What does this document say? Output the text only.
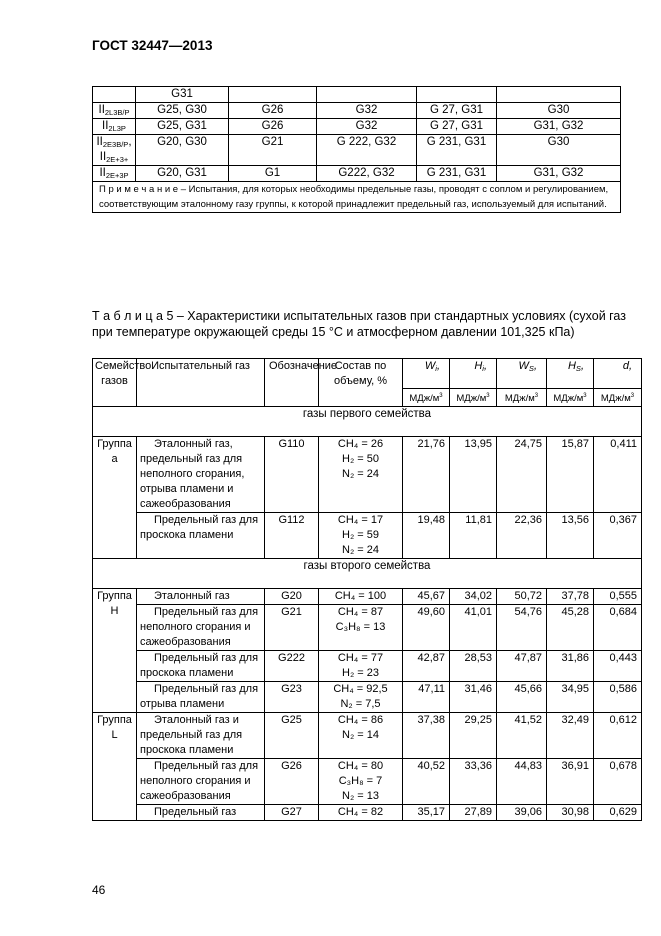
ГОСТ 32447—2013
	G31				
II2L3B/P	G25, G30	G26	G32	G 27, G31	G30
II2L3P	G25, G31	G26	G32	G 27, G31	G31, G32
II2E3B/P,
II2E+3+	G20, G30	G21	G 222, G32	G 231, G31	G30
II2E+3P	G20, G31	G1	G222, G32	G 231, G31	G31, G32
П р и м е ч а н и е – Испытания, для которых необходимы предельные газы, проводят с соплом и регулированием, соответствующим эталонному газу группы, к которой принадлежит предельный газ, используемый для испытаний.					
Т а б л и ц а 5 – Характеристики испытательных газов при стандартных условиях (сухой газ при температуре окружающей среды 15 °С и атмосферном давлении 101,325 кПа)
Семейство газов	Испытательный газ	Обозначение	Состав по объему, %	Wi,	Hi,	WS,	HS,	d,

				МДж/$м^3$	МДж/$м^3$	МДж/$м^3$	МДж/$м^3$	МДж/$м^3$
газы первого семейства								
Группа а	Эталонный газ, предельный газ для неполного сгорания, отрыва пламени и сажеобразования	G110	CH₄ = 26
H₂ = 50
N₂ = 24	21,76	13,95	24,75	15,87	0,411
	Предельный газ для проскока пламени	G112	CH₄ = 17
H₂ = 59
N₂ = 24	19,48	11,81	22,36	13,56	0,367
газы второго семейства								
Группа Н	Эталонный газ	G20	CH₄ = 100	45,67	34,02	50,72	37,78	0,555
	Предельный газ для неполного сгорания и сажеобразования	G21	CH₄ = 87
C₃H₈ = 13	49,60	41,01	54,76	45,28	0,684
	Предельный газ для проскока пламени	G222	CH₄ = 77
H₂ = 23	42,87	28,53	47,87	31,86	0,443
	Предельный газ для отрыва пламени	G23	CH₄ = 92,5
N₂ = 7,5	47,11	31,46	45,66	34,95	0,586
Группа L	Эталонный газ и предельный газ для проскока пламени	G25	CH₄ = 86
N₂ = 14	37,38	29,25	41,52	32,49	0,612
	Предельный газ для неполного сгорания и сажеобразования	G26	CH₄ = 80
C₃H₈ = 7
N₂ = 13	40,52	33,36	44,83	36,91	0,678
	Предельный газ	G27	CH₄ = 82	35,17	27,89	39,06	30,98	0,629
46
